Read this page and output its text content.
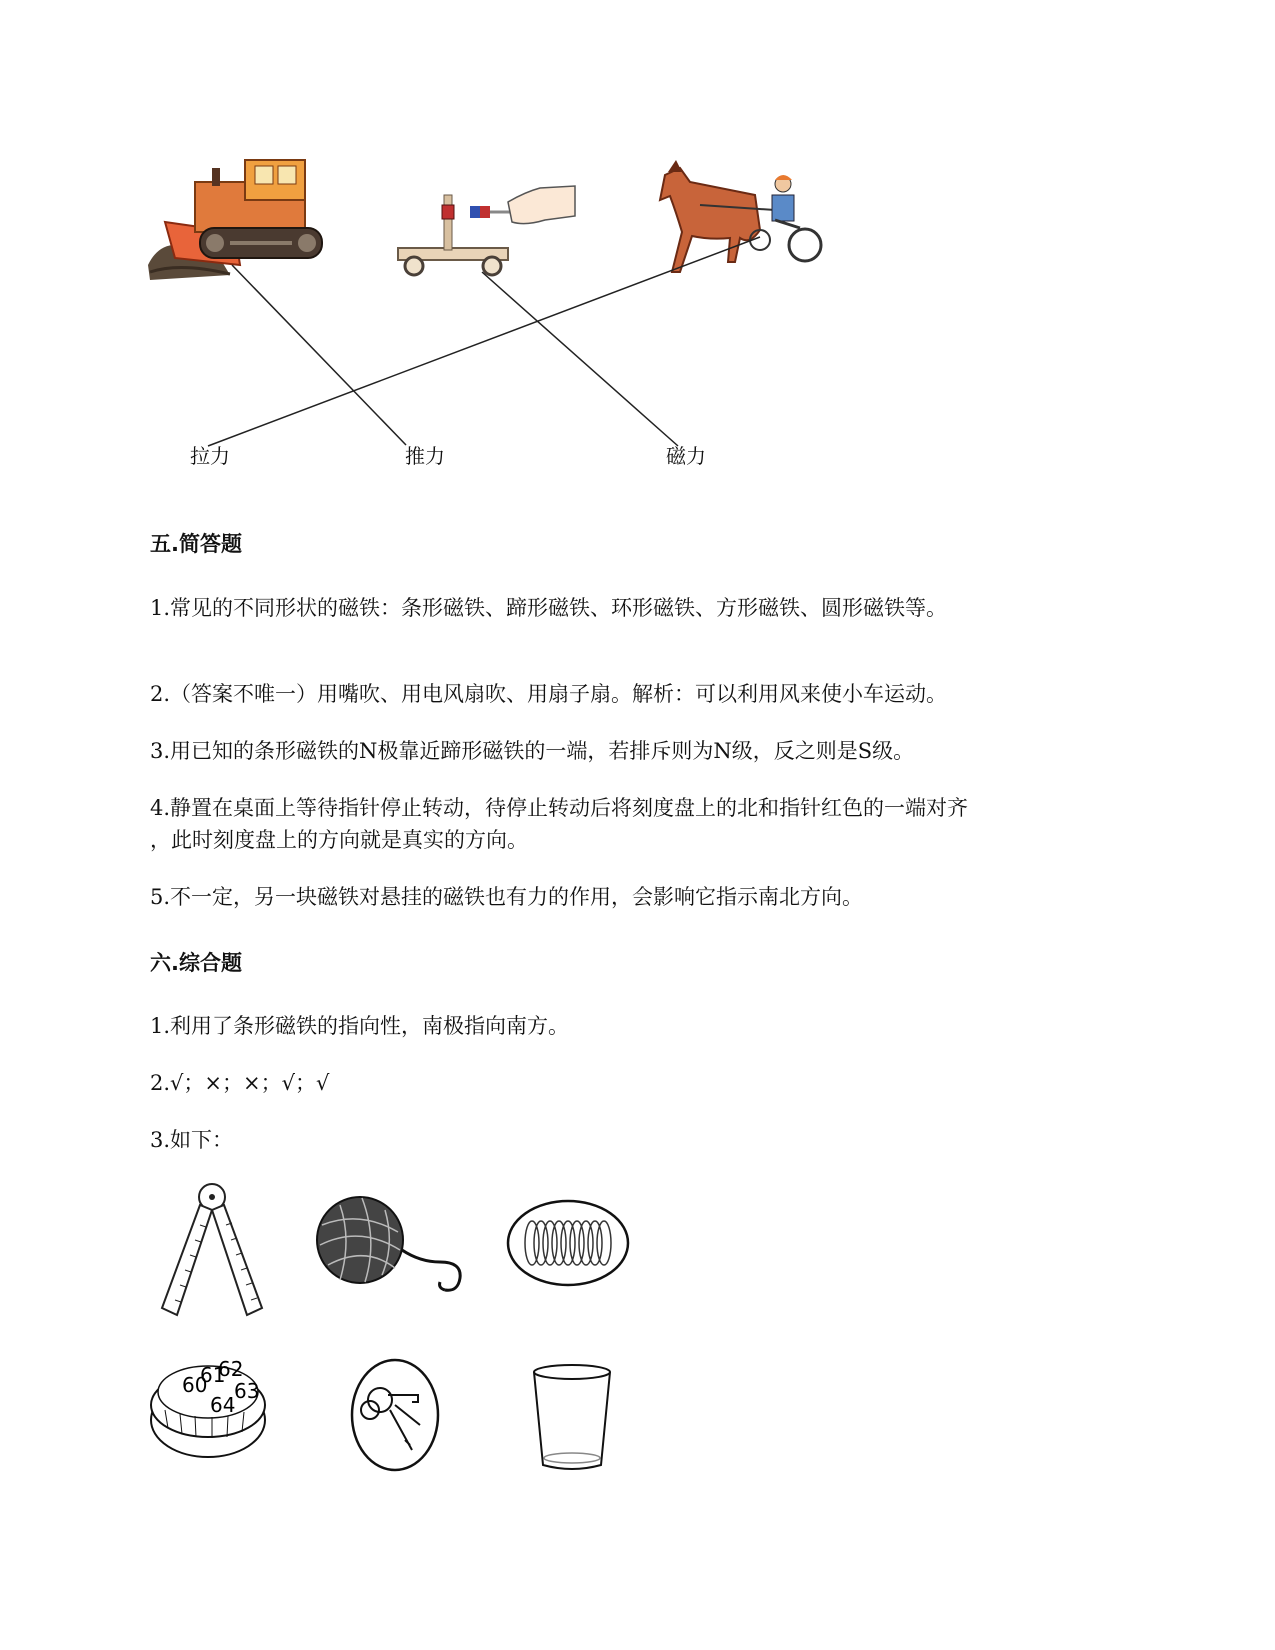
60
61
62
63
64
拉力	推力	磁力
五.简答题
1.常见的不同形状的磁铁：条形磁铁、蹄形磁铁、环形磁铁、方形磁铁、圆形磁铁等。
2.（答案不唯一）用嘴吹、用电风扇吹、用扇子扇。解析：可以利用风来使小车运动。
3.用已知的条形磁铁的N极靠近蹄形磁铁的一端，若排斥则为N级，反之则是S级。
4.静置在桌面上等待指针停止转动，待停止转动后将刻度盘上的北和指针红色的一端对齐
，此时刻度盘上的方向就是真实的方向。
5.不一定，另一块磁铁对悬挂的磁铁也有力的作用，会影响它指示南北方向。
六.综合题
1.利用了条形磁铁的指向性，南极指向南方。
2.√；×；×；√；√
3.如下：
